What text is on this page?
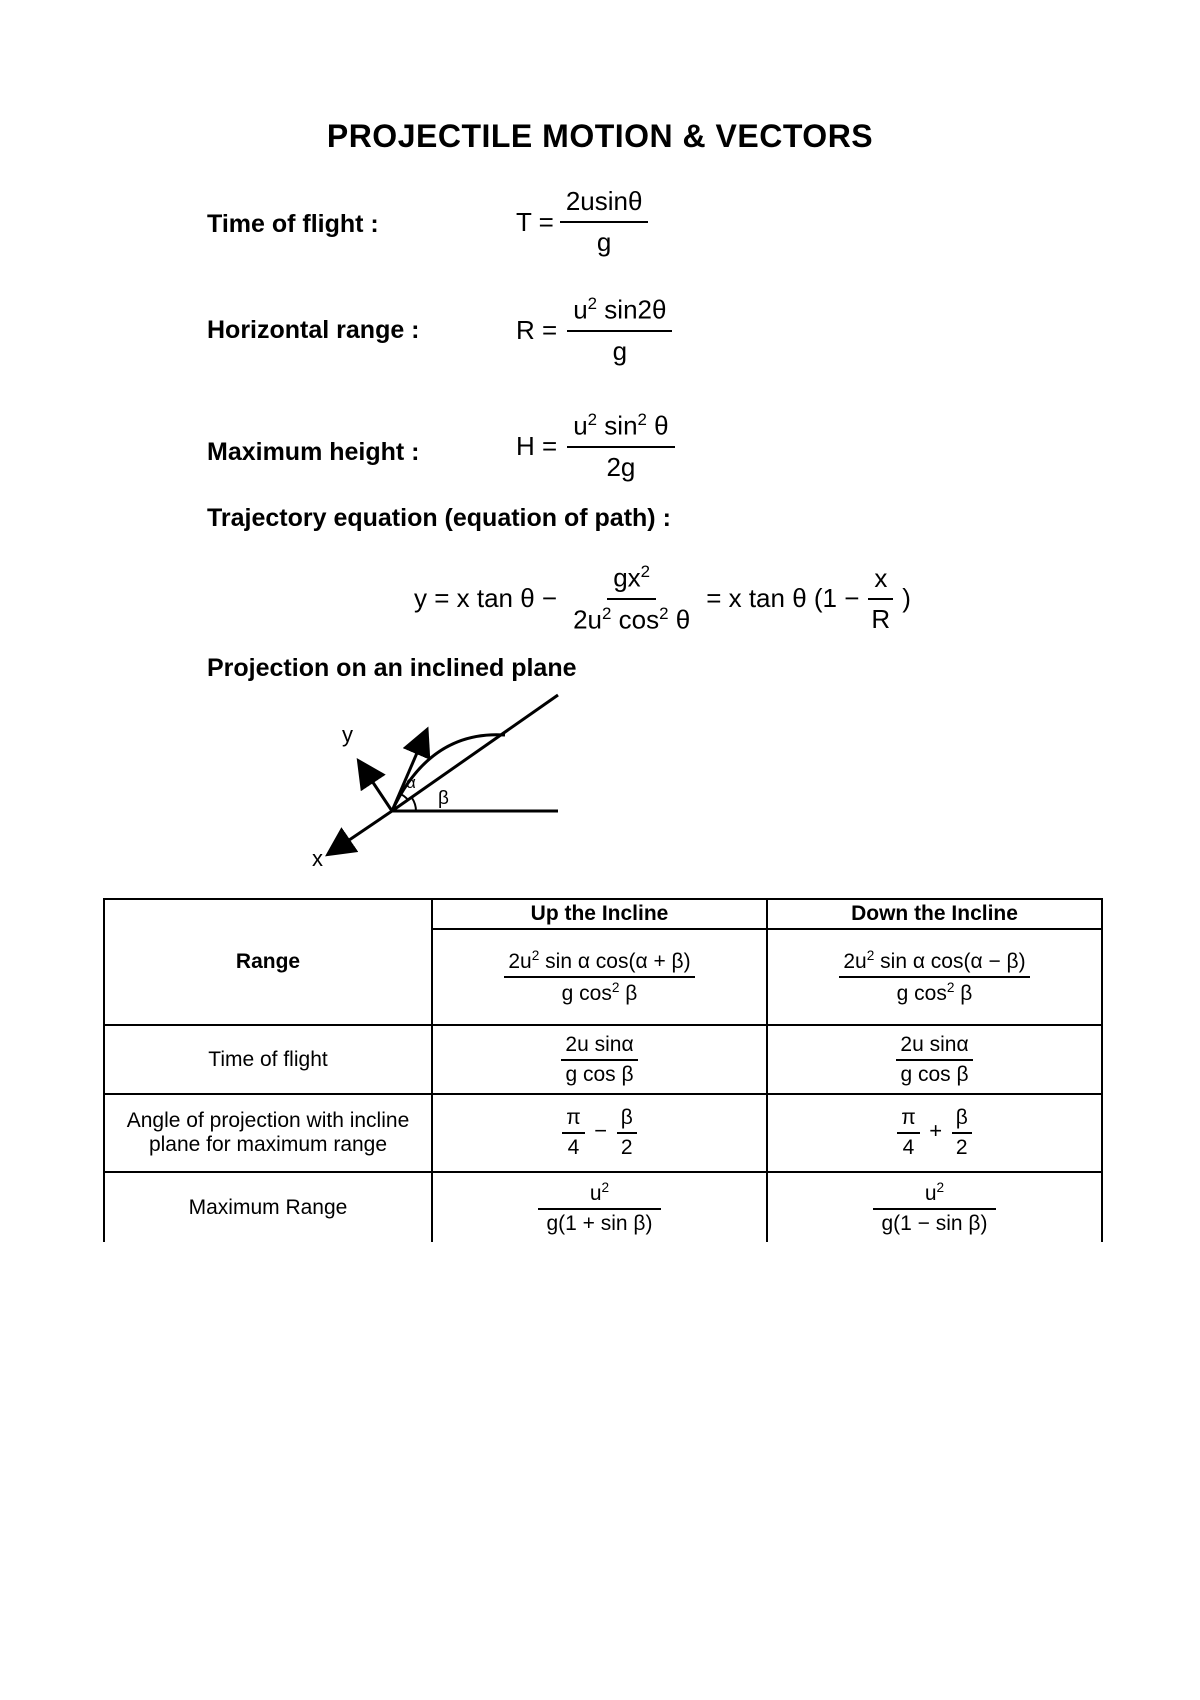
PROJECTILE MOTION & VECTORS
Time of flight :	$T = \frac{2usin\theta}{g}$
Horizontal range :	$R = \frac{u^2 \sin 2\theta}{g}$
Maximum height :	$H = \frac{u^2 \sin^2 \theta}{2g}$
Trajectory equation (equation of path) :
y = x $\tan \theta - \frac{gx^2}{2u^2 \cos^2 \theta} = x$ tan θ ($1 - \frac{x}{R}$ )
Projection on an inclined plane
y
x
α
β
Range	Up the Incline	Down the Incline

	$\frac{2u^2 \sin \alpha \cos(\alpha + \beta)}{g \cos^2 \beta}$	$\frac{2u^2 \sin \alpha \cos(\alpha - \beta)}{g \cos^2 \beta}$

Time of flight	$\frac{\text{2u sinα}}{\text{g cos β}}$	$\frac{\text{2u sinα}}{\text{g cos β}}$

Angle of projection with incline plane for maximum range	$\frac{\pi}{4} - \frac{\beta}{2}$	$\frac{\pi}{4} + \frac{\beta}{2}$

Maximum Range	$\frac{u^2}{\text{g(1 + sin β)}}$	$\frac{u^2}{\text{g(1 − sin β)}}$
